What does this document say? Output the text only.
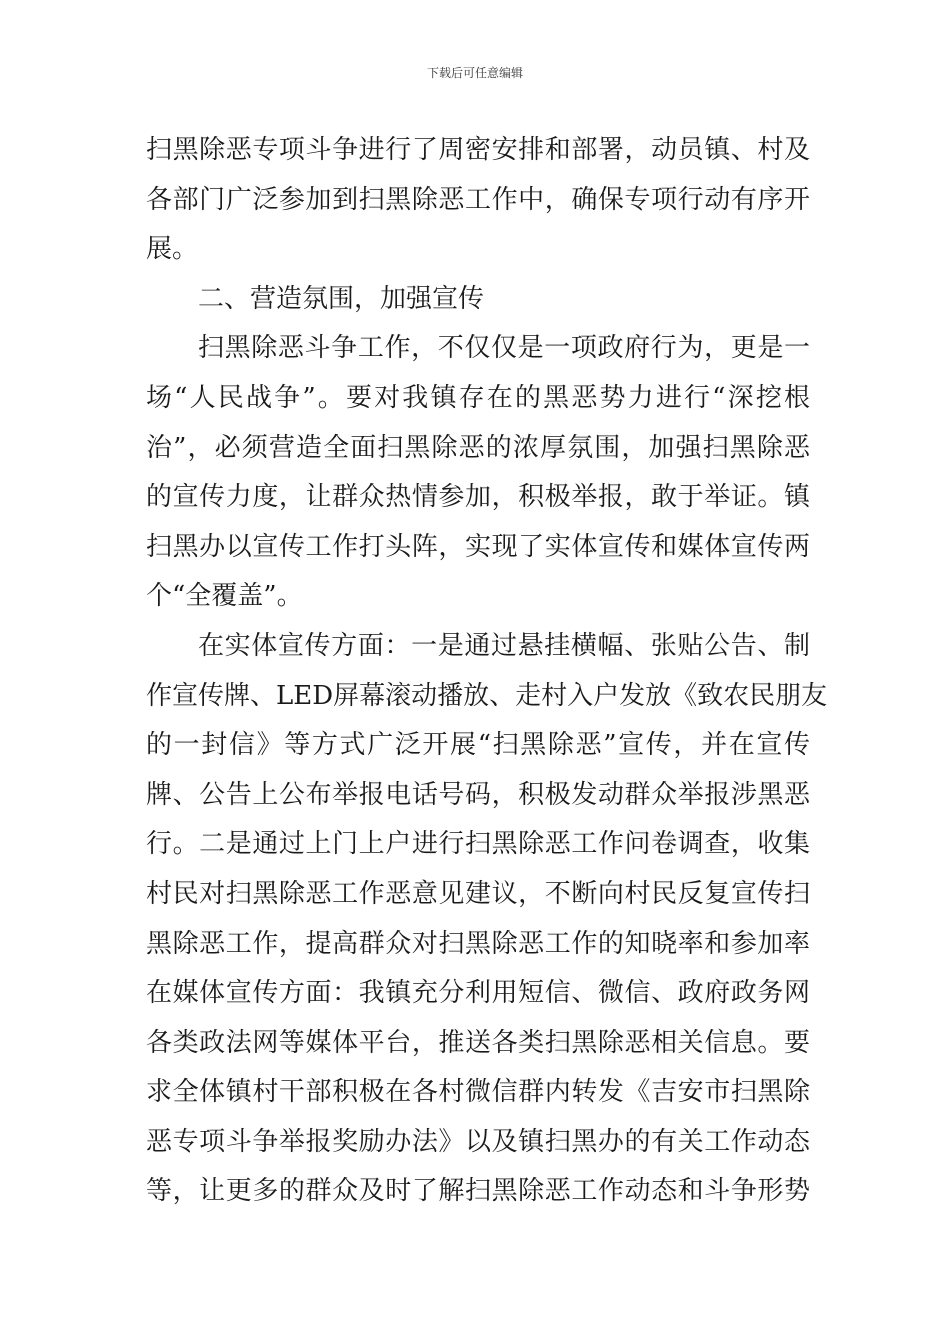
下载后可任意编辑
扫黑除恶专项斗争进行了周密安排和部署，动员镇、村及
各部门广泛参加到扫黑除恶工作中，确保专项行动有序开
展。
二、营造氛围，加强宣传
扫黑除恶斗争工作，不仅仅是一项政府行为，更是一
场“人民战争”。要对我镇存在的黑恶势力进行“深挖根
治”，必须营造全面扫黑除恶的浓厚氛围，加强扫黑除恶
的宣传力度，让群众热情参加，积极举报，敢于举证。镇
扫黑办以宣传工作打头阵，实现了实体宣传和媒体宣传两
个“全覆盖”。
在实体宣传方面：一是通过悬挂横幅、张贴公告、制
作宣传牌、LED屏幕滚动播放、走村入户发放《致农民朋友
的一封信》等方式广泛开展“扫黑除恶”宣传，并在宣传
牌、公告上公布举报电话号码，积极发动群众举报涉黑恶
行。二是通过上门上户进行扫黑除恶工作问卷调查，收集
村民对扫黑除恶工作恶意见建议，不断向村民反复宣传扫
黑除恶工作，提高群众对扫黑除恶工作的知晓率和参加率
在媒体宣传方面：我镇充分利用短信、微信、政府政务网
各类政法网等媒体平台，推送各类扫黑除恶相关信息。要
求全体镇村干部积极在各村微信群内转发《吉安市扫黑除
恶专项斗争举报奖励办法》以及镇扫黑办的有关工作动态
等，让更多的群众及时了解扫黑除恶工作动态和斗争形势
